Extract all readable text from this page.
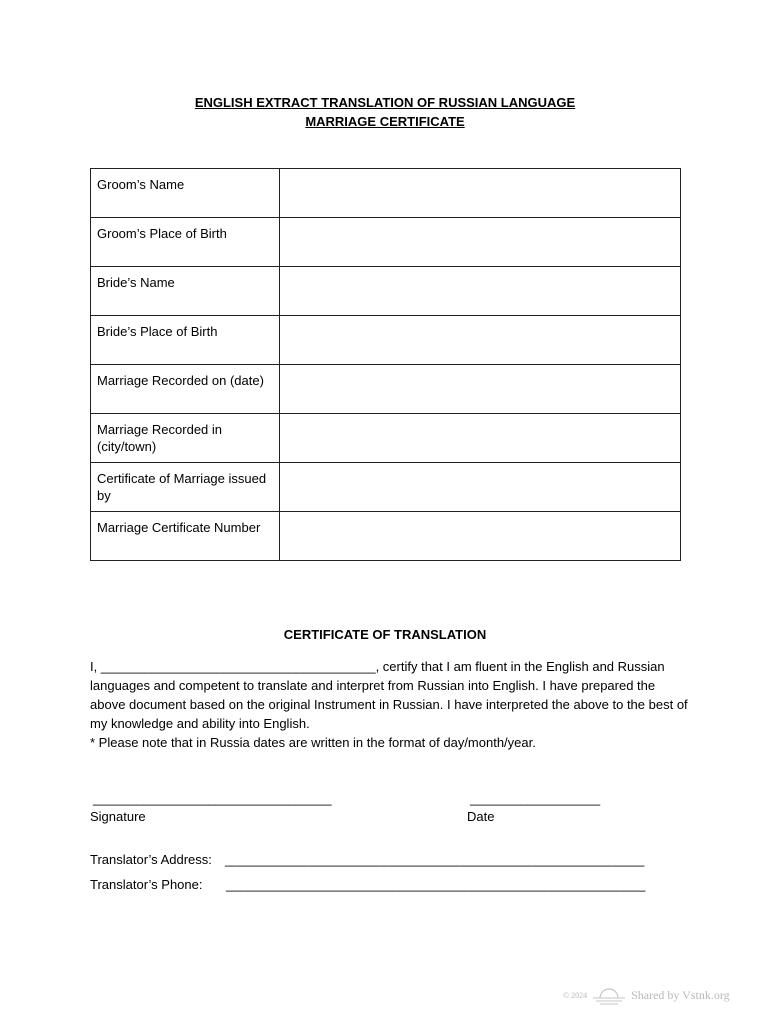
ENGLISH EXTRACT TRANSLATION OF RUSSIAN LANGUAGE
MARRIAGE CERTIFICATE
Groom’s Name	
Groom’s Place of Birth	
Bride’s Name	
Bride’s Place of Birth	
Marriage Recorded on (date)	
Marriage Recorded in (city/town)	
Certificate of Marriage issued by	
Marriage Certificate Number	
CERTIFICATE OF TRANSLATION

I, ______________________________________, certify that I am fluent in the English and Russian languages and competent to translate and interpret from Russian into English. I have prepared the above document based on the original Instrument in Russian. I have interpreted the above to the best of my knowledge and ability into English.

* Please note that in Russia dates are written in the format of day/month/year.

_________________________________	__________________
Signature	Date
Translator’s Address: __________________________________________________________
Translator’s Phone: __________________________________________________________
© 2024	Shared by Vstnk.org
